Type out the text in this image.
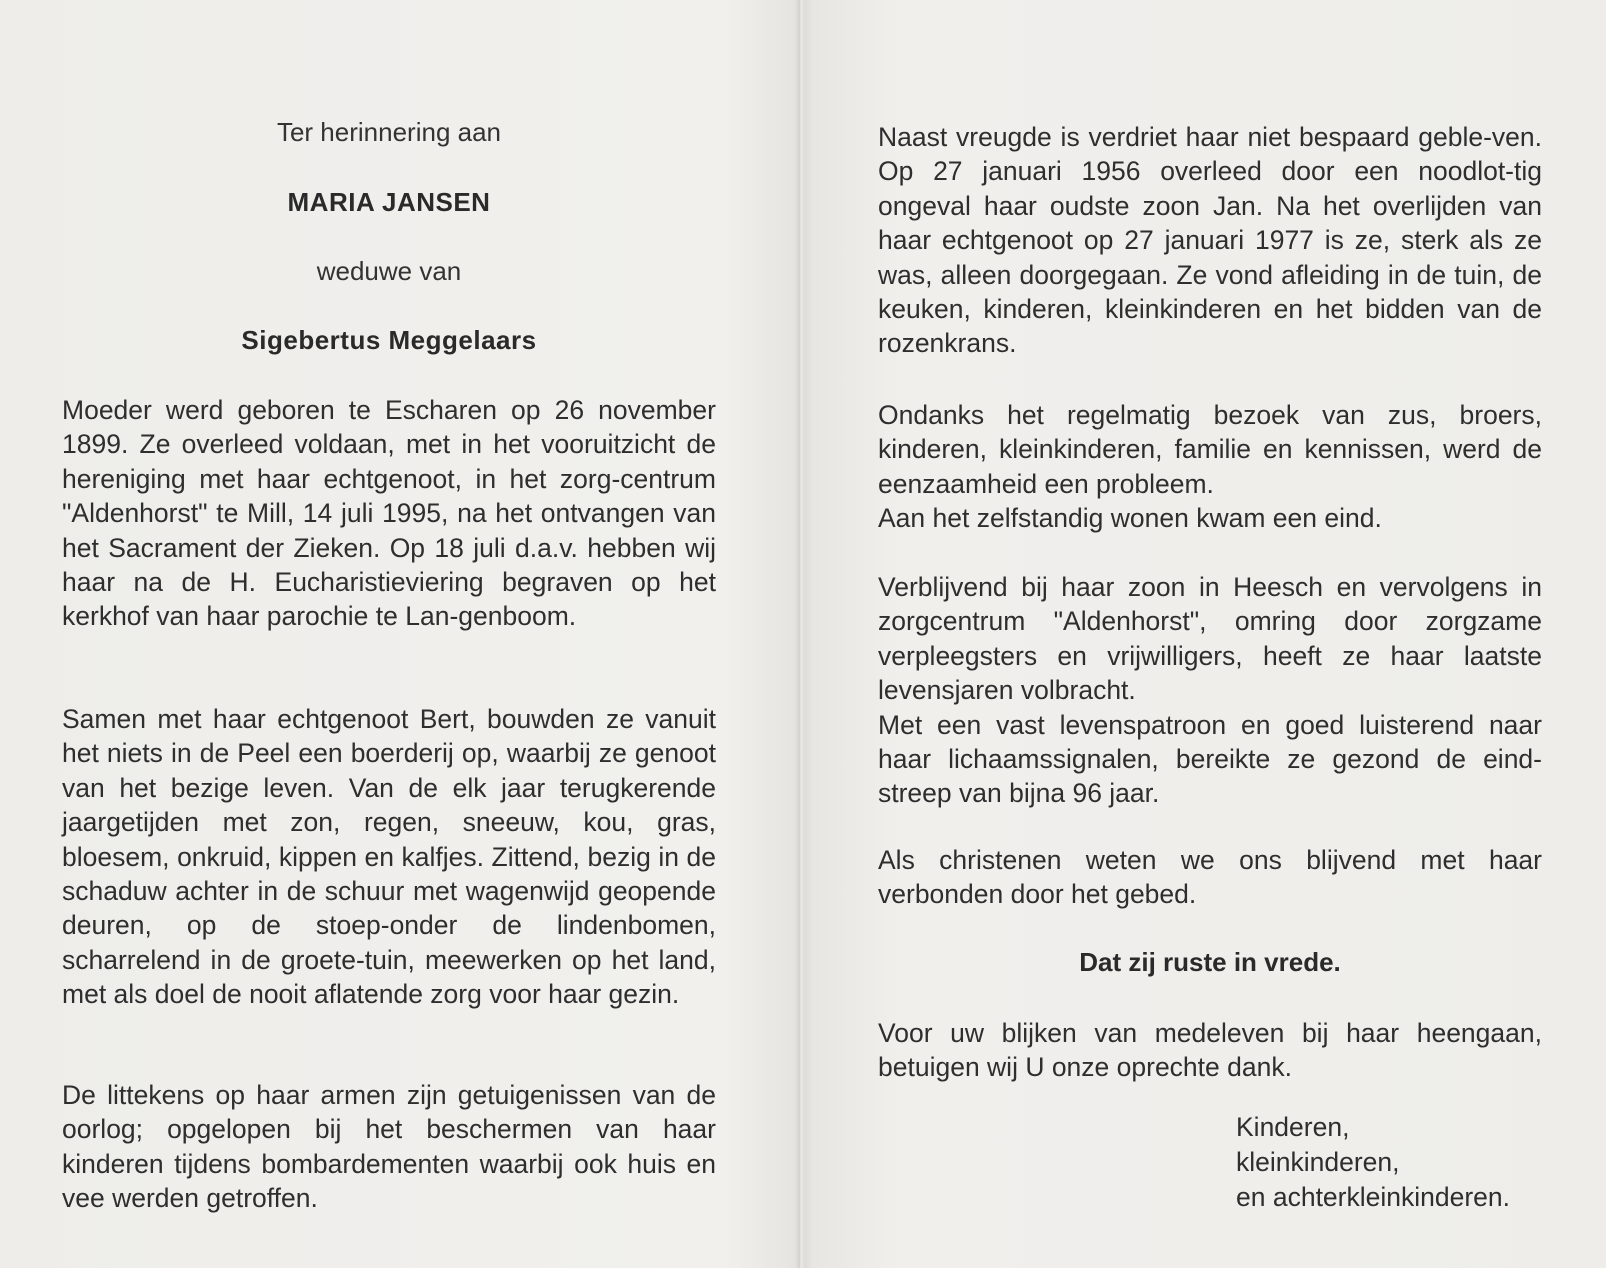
Ter herinnering aan
MARIA JANSEN
weduwe van
Sigebertus Meggelaars

Moeder werd geboren te Escharen op 26 november 1899. Ze overleed voldaan, met in het vooruitzicht de hereniging met haar echtgenoot, in het zorg-centrum "Aldenhorst" te Mill, 14 juli 1995, na het ontvangen van het Sacrament der Zieken. Op 18 juli d.a.v. hebben wij haar na de H. Eucharistieviering begraven op het kerkhof van haar parochie te Lan-genboom.

Samen met haar echtgenoot Bert, bouwden ze vanuit het niets in de Peel een boerderij op, waarbij ze genoot van het bezige leven. Van de elk jaar terugkerende jaargetijden met zon, regen, sneeuw, kou, gras, bloesem, onkruid, kippen en kalfjes. Zittend, bezig in de schaduw achter in de schuur met wagenwijd geopende deuren, op de stoep-onder de lindenbomen, scharrelend in de groete-tuin, meewerken op het land, met als doel de nooit aflatende zorg voor haar gezin.

De littekens op haar armen zijn getuigenissen van de oorlog; opgelopen bij het beschermen van haar kinderen tijdens bombardementen waarbij ook huis en vee werden getroffen.

Naast vreugde is verdriet haar niet bespaard geble-ven. Op 27 januari 1956 overleed door een noodlot-tig ongeval haar oudste zoon Jan. Na het overlijden van haar echtgenoot op 27 januari 1977 is ze, sterk als ze was, alleen doorgegaan. Ze vond afleiding in de tuin, de keuken, kinderen, kleinkinderen en het bidden van de rozenkrans.

Ondanks het regelmatig bezoek van zus, broers, kinderen, kleinkinderen, familie en kennissen, werd de eenzaamheid een probleem.
Aan het zelfstandig wonen kwam een eind.

Verblijvend bij haar zoon in Heesch en vervolgens in zorgcentrum "Aldenhorst", omring door zorgzame verpleegsters en vrijwilligers, heeft ze haar laatste levensjaren volbracht.
Met een vast levenspatroon en goed luisterend naar haar lichaamssignalen, bereikte ze gezond de eind-streep van bijna 96 jaar.

Als christenen weten we ons blijvend met haar verbonden door het gebed.

Dat zij ruste in vrede.

Voor uw blijken van medeleven bij haar heengaan, betuigen wij U onze oprechte dank.

Kinderen,
kleinkinderen,
en achterkleinkinderen.
